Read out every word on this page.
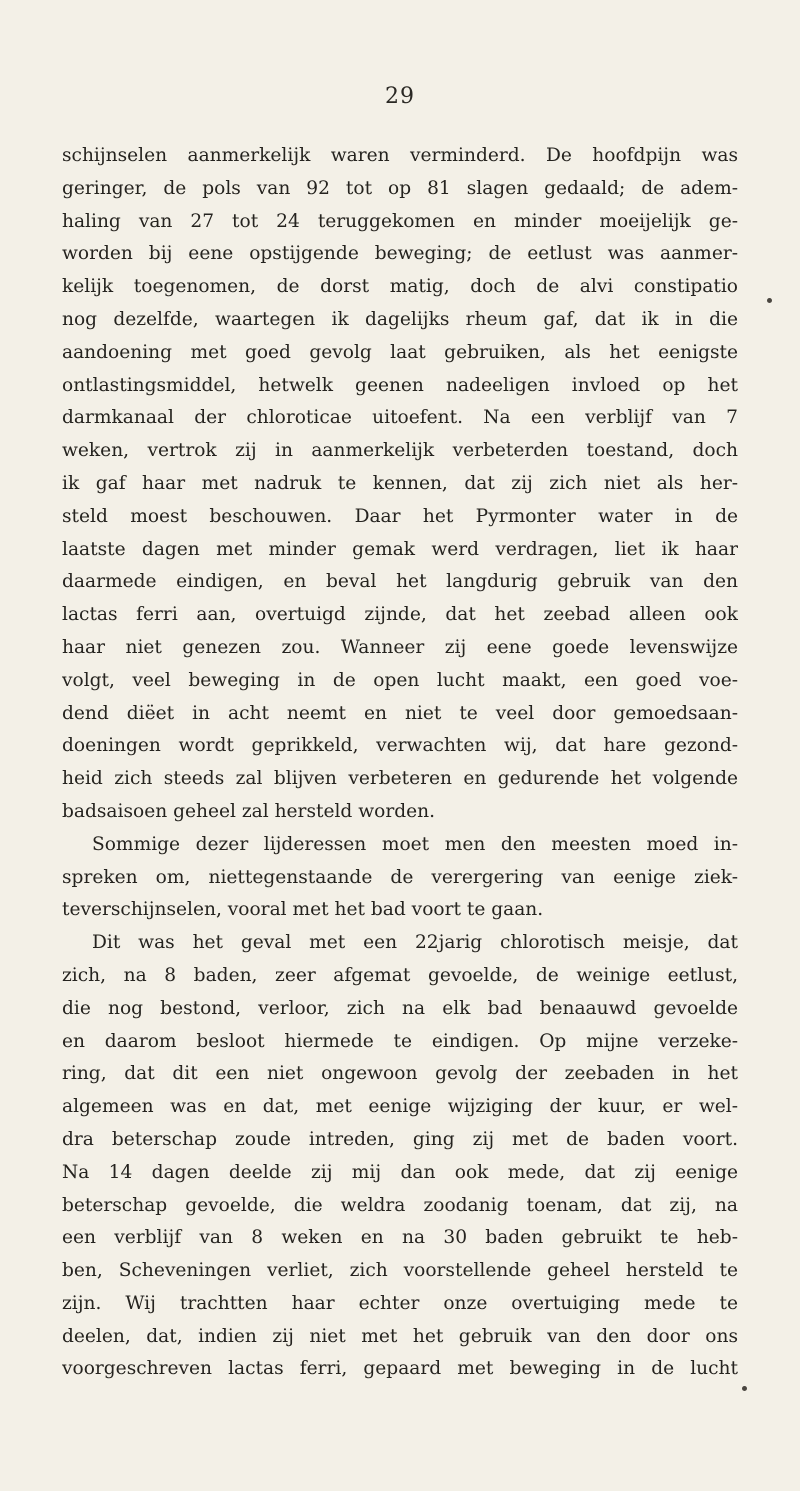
29
schijnselen aanmerkelijk waren verminderd. De hoofdpijn was
geringer, de pols van 92 tot op 81 slagen gedaald; de adem-
haling van 27 tot 24 teruggekomen en minder moeijelijk ge-
worden bij eene opstijgende beweging; de eetlust was aanmer-
kelijk toegenomen, de dorst matig, doch de alvi constipatio
nog dezelfde, waartegen ik dagelijks rheum gaf, dat ik in die
aandoening met goed gevolg laat gebruiken, als het eenigste
ontlastingsmiddel, hetwelk geenen nadeeligen invloed op het
darmkanaal der chloroticae uitoefent. Na een verblijf van 7
weken, vertrok zij in aanmerkelijk verbeterden toestand, doch
ik gaf haar met nadruk te kennen, dat zij zich niet als her-
steld moest beschouwen. Daar het Pyrmonter water in de
laatste dagen met minder gemak werd verdragen, liet ik haar
daarmede eindigen, en beval het langdurig gebruik van den
lactas ferri aan, overtuigd zijnde, dat het zeebad alleen ook
haar niet genezen zou. Wanneer zij eene goede levenswijze
volgt, veel beweging in de open lucht maakt, een goed voe-
dend diëet in acht neemt en niet te veel door gemoedsaan-
doeningen wordt geprikkeld, verwachten wij, dat hare gezond-
heid zich steeds zal blijven verbeteren en gedurende het volgende
badsaisoen geheel zal hersteld worden.
Sommige dezer lijderessen moet men den meesten moed in-
spreken om, niettegenstaande de verergering van eenige ziek-
teverschijnselen, vooral met het bad voort te gaan.
Dit was het geval met een 22jarig chlorotisch meisje, dat
zich, na 8 baden, zeer afgemat gevoelde, de weinige eetlust,
die nog bestond, verloor, zich na elk bad benaauwd gevoelde
en daarom besloot hiermede te eindigen. Op mijne verzeke-
ring, dat dit een niet ongewoon gevolg der zeebaden in het
algemeen was en dat, met eenige wijziging der kuur, er wel-
dra beterschap zoude intreden, ging zij met de baden voort.
Na 14 dagen deelde zij mij dan ook mede, dat zij eenige
beterschap gevoelde, die weldra zoodanig toenam, dat zij, na
een verblijf van 8 weken en na 30 baden gebruikt te heb-
ben, Scheveningen verliet, zich voorstellende geheel hersteld te
zijn. Wij trachtten haar echter onze overtuiging mede te
deelen, dat, indien zij niet met het gebruik van den door ons
voorgeschreven lactas ferri, gepaard met beweging in de lucht
